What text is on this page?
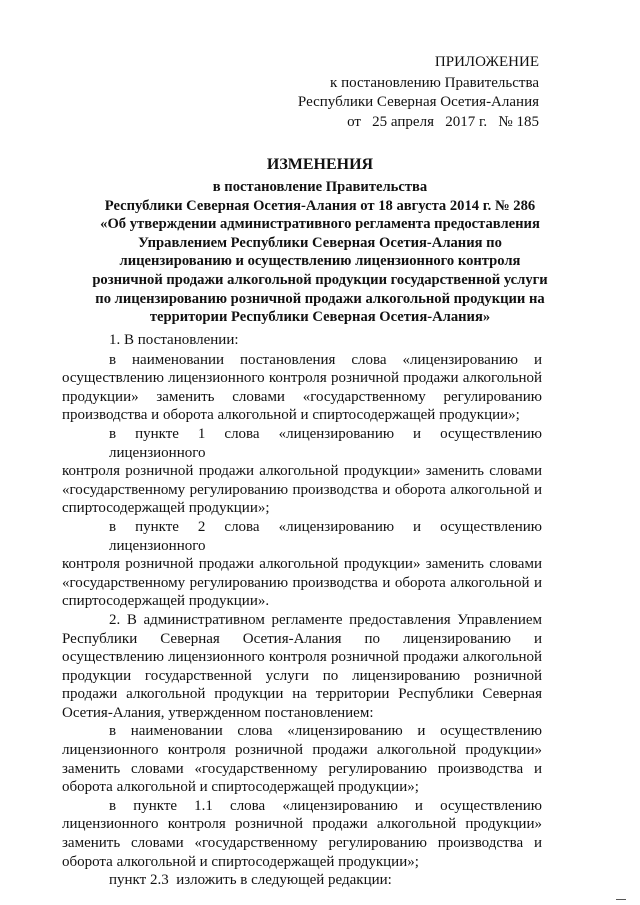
ПРИЛОЖЕНИЕ
к постановлению Правительства
Республики Северная Осетия-Алания
от   25 апреля   2017 г.   № 185
ИЗМЕНЕНИЯ
в постановление Правительства
Республики Северная Осетия-Алания от 18 августа 2014 г. № 286
«Об утверждении административного регламента предоставления
Управлением Республики Северная Осетия-Алания по
лицензированию и осуществлению лицензионного контроля
розничной продажи алкогольной продукции государственной услуги
по лицензированию розничной продажи алкогольной продукции на
территории Республики Северная Осетия-Алания»

1. В постановлении:

в наименовании постановления слова «лицензированию и
осуществлению лицензионного контроля розничной продажи алкогольной
продукции» заменить словами «государственному регулированию
производства и оборота алкогольной и спиртосодержащей продукции»;

в пункте 1 слова «лицензированию и осуществлению лицензионного
контроля розничной продажи алкогольной продукции» заменить словами
«государственному регулированию производства и оборота алкогольной и
спиртосодержащей продукции»;

в пункте 2 слова «лицензированию и осуществлению лицензионного
контроля розничной продажи алкогольной продукции» заменить словами
«государственному регулированию производства и оборота алкогольной и
спиртосодержащей продукции».

2. В административном регламенте предоставления Управлением
Республики Северная Осетия-Алания по лицензированию и
осуществлению лицензионного контроля розничной продажи алкогольной
продукции государственной услуги по лицензированию розничной
продажи алкогольной продукции на территории Республики Северная
Осетия-Алания, утвержденном постановлением:

в наименовании слова «лицензированию и осуществлению
лицензионного контроля розничной продажи алкогольной продукции»
заменить словами «государственному регулированию производства и
оборота алкогольной и спиртосодержащей продукции»;

в пункте 1.1 слова «лицензированию и осуществлению
лицензионного контроля розничной продажи алкогольной продукции»
заменить словами «государственному регулированию производства и
оборота алкогольной и спиртосодержащей продукции»;

пункт 2.3  изложить в следующей редакции:
